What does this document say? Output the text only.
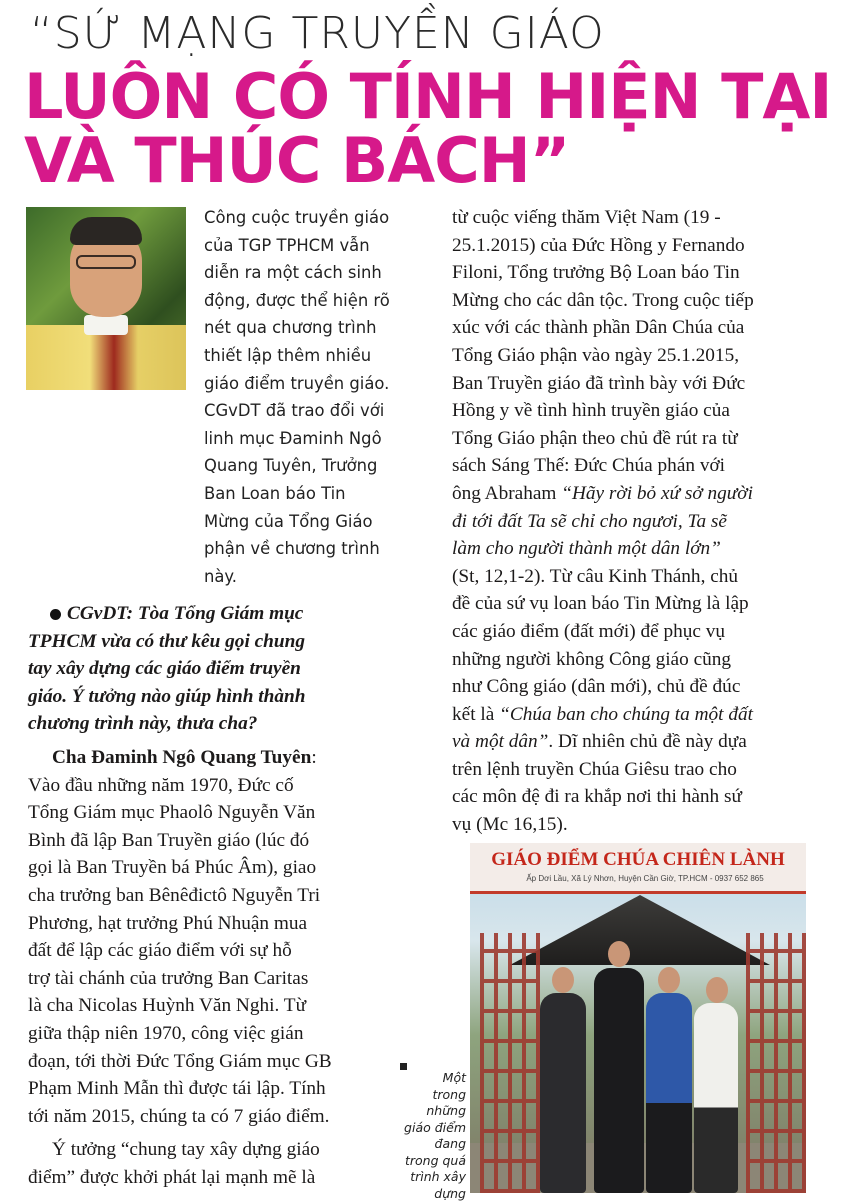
“SỨ MẠNG TRUYỀN GIÁO
LUÔN CÓ TÍNH HIỆN TẠI
VÀ THÚC BÁCH”
Công cuộc truyền giáo
của TGP TPHCM vẫn
diễn ra một cách sinh
động, được thể hiện rõ
nét qua chương trình
thiết lập thêm nhiều
giáo điểm truyền giáo.
CGvDT đã trao đổi với
linh mục Đaminh Ngô
Quang Tuyên, Trưởng
Ban Loan báo Tin
Mừng của Tổng Giáo
phận về chương trình
này.
CGvDT: Tòa Tổng Giám mục
TPHCM vừa có thư kêu gọi chung
tay xây dựng các giáo điểm truyền
giáo. Ý tưởng nào giúp hình thành
chương trình này, thưa cha?
Cha Đaminh Ngô Quang Tuyên:
Vào đầu những năm 1970, Đức cố
Tổng Giám mục Phaolô Nguyễn Văn
Bình đã lập Ban Truyền giáo (lúc đó
gọi là Ban Truyền bá Phúc Âm), giao
cha trưởng ban Bênêđictô Nguyễn Tri
Phương, hạt trưởng Phú Nhuận mua
đất để lập các giáo điểm với sự hỗ
trợ tài chánh của trưởng Ban Caritas
là cha Nicolas Huỳnh Văn Nghi. Từ
giữa thập niên 1970, công việc gián
đoạn, tới thời Đức Tổng Giám mục GB
Phạm Minh Mẫn thì được tái lập. Tính
tới năm 2015, chúng ta có 7 giáo điểm.
Ý tưởng “chung tay xây dựng giáo
điểm” được khởi phát lại mạnh mẽ là
từ cuộc viếng thăm Việt Nam (19 -
25.1.2015) của Đức Hồng y Fernando
Filoni, Tổng trưởng Bộ Loan báo Tin
Mừng cho các dân tộc. Trong cuộc tiếp
xúc với các thành phần Dân Chúa của
Tổng Giáo phận vào ngày 25.1.2015,
Ban Truyền giáo đã trình bày với Đức
Hồng y về tình hình truyền giáo của
Tổng Giáo phận theo chủ đề rút ra từ
sách Sáng Thế: Đức Chúa phán với
ông Abraham “Hãy rời bỏ xứ sở người
đi tới đất Ta sẽ chỉ cho ngươi, Ta sẽ
làm cho người thành một dân lớn”
(St, 12,1-2). Từ câu Kinh Thánh, chủ
đề của sứ vụ loan báo Tin Mừng là lập
các giáo điểm (đất mới) để phục vụ
những người không Công giáo cũng
như Công giáo (dân mới), chủ đề đúc
kết là “Chúa ban cho chúng ta một đất
và một dân”. Dĩ nhiên chủ đề này dựa
trên lệnh truyền Chúa Giêsu trao cho
các môn đệ đi ra khắp nơi thi hành sứ
vụ (Mc 16,15).
GIÁO ĐIỂM CHÚA CHIÊN LÀNH
Ấp Dơi Lầu, Xã Lý Nhơn, Huyện Cần Giờ, TP.HCM - 0937 652 865
Một
trong
những
giáo điểm
đang
trong quá
trình xây
dựng
